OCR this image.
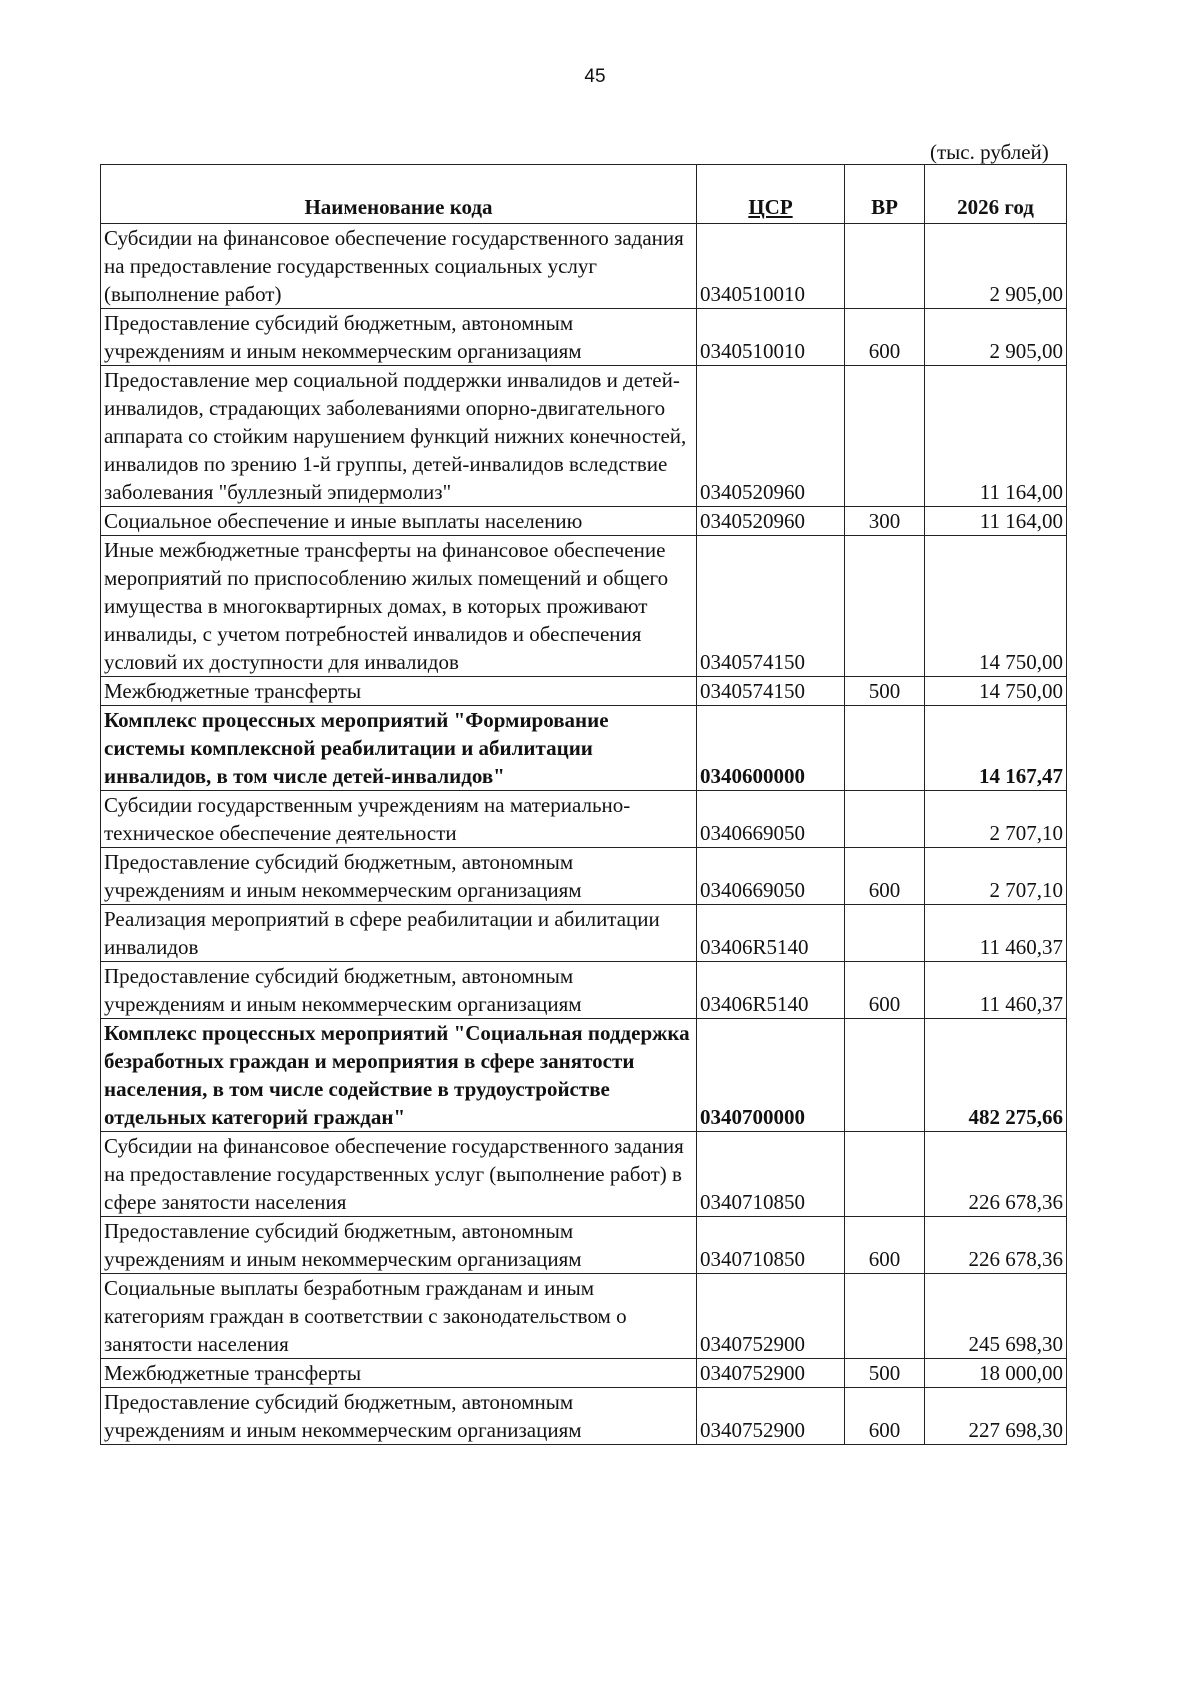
45
(тыс. рублей)
Наименование кода	ЦСР	ВР	2026 год
Субсидии на финансовое обеспечение государственного задания на предоставление государственных социальных услуг (выполнение работ)	0340510010		2 905,00
Предоставление субсидий бюджетным, автономным учреждениям и иным некоммерческим организациям	0340510010	600	2 905,00
Предоставление мер социальной поддержки инвалидов и детей-инвалидов, страдающих заболеваниями опорно-двигательного аппарата со стойким нарушением функций нижних конечностей, инвалидов по зрению 1-й группы, детей-инвалидов вследствие заболевания "буллезный эпидермолиз"	0340520960		11 164,00
Социальное обеспечение и иные выплаты населению	0340520960	300	11 164,00
Иные межбюджетные трансферты на финансовое обеспечение мероприятий по приспособлению жилых помещений и общего имущества в многоквартирных домах, в которых проживают инвалиды, с учетом потребностей инвалидов и обеспечения условий их доступности для инвалидов	0340574150		14 750,00
Межбюджетные трансферты	0340574150	500	14 750,00
Комплекс процессных мероприятий "Формирование системы комплексной реабилитации и абилитации инвалидов, в том числе детей-инвалидов"	0340600000		14 167,47
Субсидии государственным учреждениям на материально-техническое обеспечение деятельности	0340669050		2 707,10
Предоставление субсидий бюджетным, автономным учреждениям и иным некоммерческим организациям	0340669050	600	2 707,10
Реализация мероприятий в сфере реабилитации и абилитации инвалидов	03406R5140		11 460,37
Предоставление субсидий бюджетным, автономным учреждениям и иным некоммерческим организациям	03406R5140	600	11 460,37
Комплекс процессных мероприятий "Социальная поддержка безработных граждан и мероприятия в сфере занятости населения, в том числе содействие в трудоустройстве отдельных категорий граждан"	0340700000		482 275,66
Субсидии на финансовое обеспечение государственного задания на предоставление государственных услуг (выполнение работ) в сфере занятости населения	0340710850		226 678,36
Предоставление субсидий бюджетным, автономным учреждениям и иным некоммерческим организациям	0340710850	600	226 678,36
Социальные выплаты безработным гражданам и иным категориям граждан в соответствии с законодательством о занятости населения	0340752900		245 698,30
Межбюджетные трансферты	0340752900	500	18 000,00
Предоставление субсидий бюджетным, автономным учреждениям и иным некоммерческим организациям	0340752900	600	227 698,30
